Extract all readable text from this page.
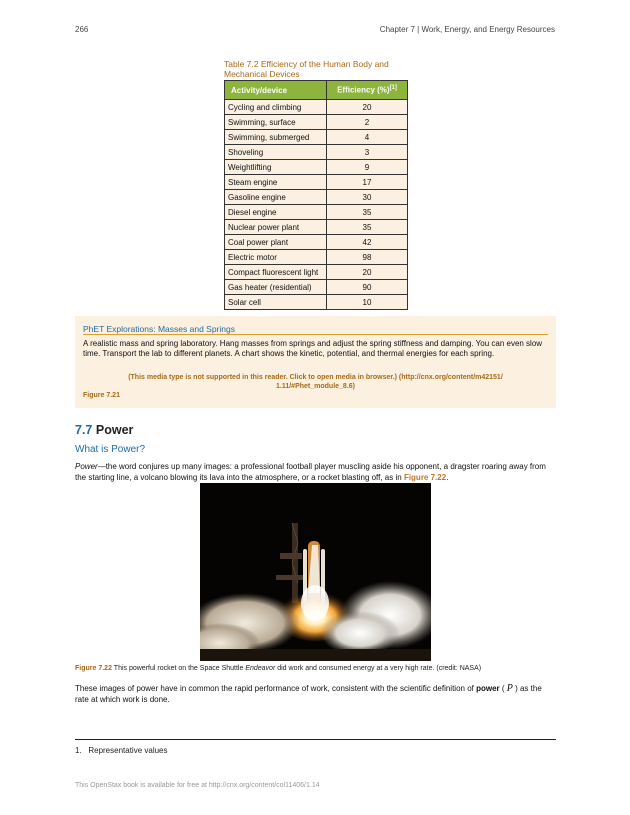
266	Chapter 7 | Work, Energy, and Energy Resources
Table 7.2 Efficiency of the Human Body and Mechanical Devices
Activity/device	Efficiency (%)[1]
Cycling and climbing	20
Swimming, surface	2
Swimming, submerged	4
Shoveling	3
Weightlifting	9
Steam engine	17
Gasoline engine	30
Diesel engine	35
Nuclear power plant	35
Coal power plant	42
Electric motor	98
Compact fluorescent light	20
Gas heater (residential)	90
Solar cell	10
PhET Explorations: Masses and Springs
A realistic mass and spring laboratory. Hang masses from springs and adjust the spring stiffness and damping. You can even slow time. Transport the lab to different planets. A chart shows the kinetic, potential, and thermal energies for each spring.
(This media type is not supported in this reader. Click to open media in browser.) (http://cnx.org/content/m42151/
1.11/#Phet_module_8.6)
Figure 7.21
7.7 Power
What is Power?
Power—the word conjures up many images: a professional football player muscling aside his opponent, a dragster roaring away from the starting line, a volcano blowing its lava into the atmosphere, or a rocket blasting off, as in Figure 7.22.
Figure 7.22 This powerful rocket on the Space Shuttle Endeavor did work and consumed energy at a very high rate. (credit: NASA)
These images of power have in common the rapid performance of work, consistent with the scientific definition of power ( P ) as the rate at which work is done.
1. Representative values
This OpenStax book is available for free at http://cnx.org/content/col11406/1.14
